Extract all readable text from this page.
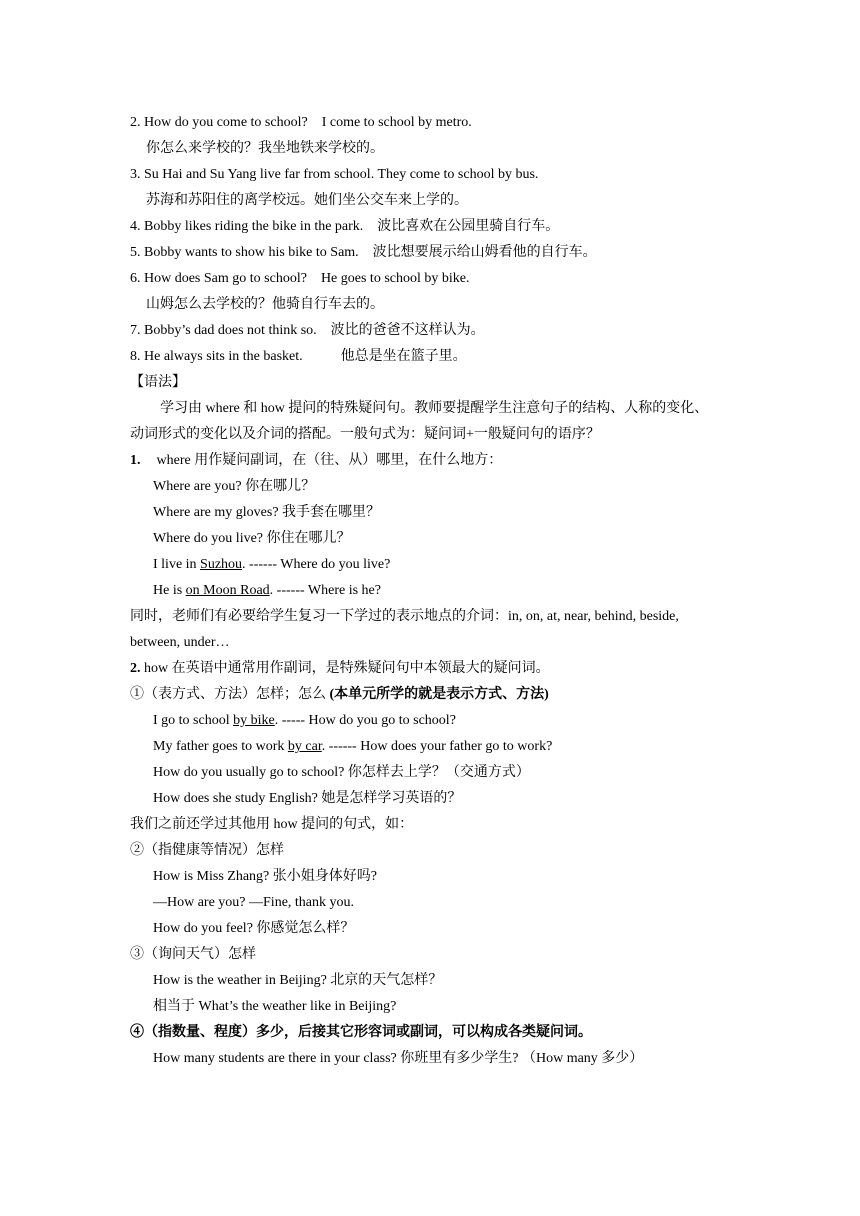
2. How do you come to school? I come to school by metro.
你怎么来学校的？我坐地铁来学校的。
3. Su Hai and Su Yang live far from school. They come to school by bus.
苏海和苏阳住的离学校远。她们坐公交车来上学的。
4. Bobby likes riding the bike in the park. 波比喜欢在公园里骑自行车。
5. Bobby wants to show his bike to Sam. 波比想要展示给山姆看他的自行车。
6. How does Sam go to school? He goes to school by bike.
山姆怎么去学校的？他骑自行车去的。
7. Bobby’s dad does not think so. 波比的爸爸不这样认为。
8. He always sits in the basket.	他总是坐在篮子里。
【语法】
学习由 where 和 how 提问的特殊疑问句。教师要提醒学生注意句子的结构、人称的变化、
动词形式的变化以及介词的搭配。一般句式为：疑问词+一般疑问句的语序？
1. where 用作疑问副词，在（往、从）哪里，在什么地方：
Where are you? 你在哪儿？
Where are my gloves? 我手套在哪里？
Where do you live? 你住在哪儿？
I live in Suzhou. ------ Where do you live?
He is on Moon Road. ------ Where is he?
同时，老师们有必要给学生复习一下学过的表示地点的介词：in, on, at, near, behind, beside,
between, under…
2. how 在英语中通常用作副词，是特殊疑问句中本领最大的疑问词。
①（表方式、方法）怎样；怎么 (本单元所学的就是表示方式、方法)
I go to school by bike. ----- How do you go to school?
My father goes to work by car. ------ How does your father go to work?
How do you usually go to school? 你怎样去上学？（交通方式）
How does she study English? 她是怎样学习英语的？
我们之前还学过其他用 how 提问的句式，如：
②（指健康等情况）怎样
How is Miss Zhang? 张小姐身体好吗?
—How are you? —Fine, thank you.
How do you feel? 你感觉怎么样？
③（询问天气）怎样
How is the weather in Beijing? 北京的天气怎样？
相当于 What’s the weather like in Beijing?
④（指数量、程度）多少，后接其它形容词或副词，可以构成各类疑问词。
How many students are there in your class? 你班里有多少学生? （How many 多少）
